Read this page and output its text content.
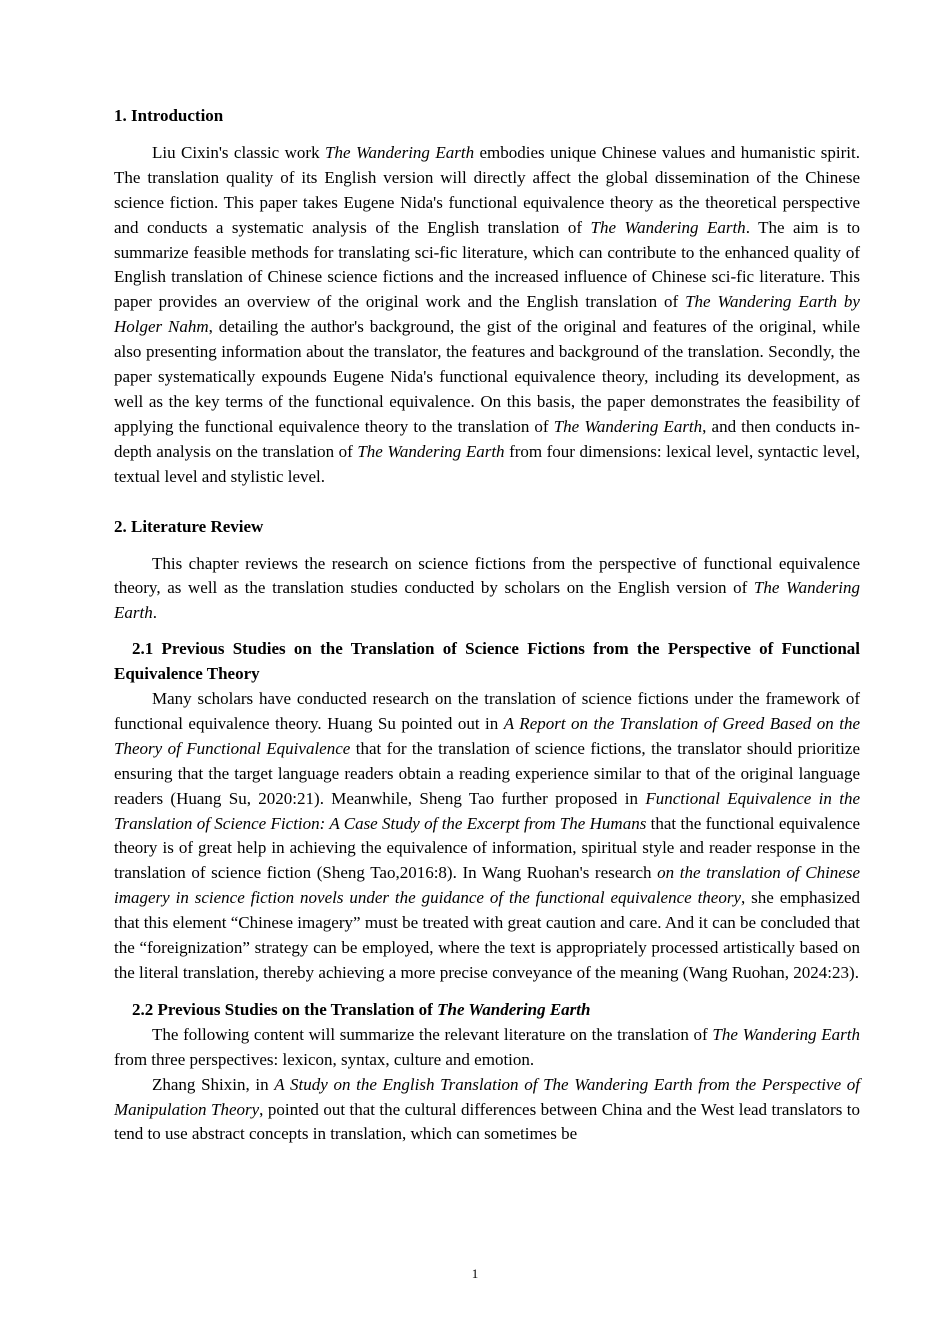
1. Introduction

Liu Cixin's classic work The Wandering Earth embodies unique Chinese values and humanistic spirit. The translation quality of its English version will directly affect the global dissemination of the Chinese science fiction. This paper takes Eugene Nida's functional equivalence theory as the theoretical perspective and conducts a systematic analysis of the English translation of The Wandering Earth. The aim is to summarize feasible methods for translating sci-fic literature, which can contribute to the enhanced quality of English translation of Chinese science fictions and the increased influence of Chinese sci-fic literature. This paper provides an overview of the original work and the English translation of The Wandering Earth by Holger Nahm, detailing the author's background, the gist of the original and features of the original, while also presenting information about the translator, the features and background of the translation. Secondly, the paper systematically expounds Eugene Nida's functional equivalence theory, including its development, as well as the key terms of the functional equivalence. On this basis, the paper demonstrates the feasibility of applying the functional equivalence theory to the translation of The Wandering Earth, and then conducts in-depth analysis on the translation of The Wandering Earth from four dimensions: lexical level, syntactic level, textual level and stylistic level.

2. Literature Review

This chapter reviews the research on science fictions from the perspective of functional equivalence theory, as well as the translation studies conducted by scholars on the English version of The Wandering Earth.

2.1 Previous Studies on the Translation of Science Fictions from the Perspective of Functional Equivalence Theory

Many scholars have conducted research on the translation of science fictions under the framework of functional equivalence theory. Huang Su pointed out in A Report on the Translation of Greed Based on the Theory of Functional Equivalence that for the translation of science fictions, the translator should prioritize ensuring that the target language readers obtain a reading experience similar to that of the original language readers (Huang Su, 2020:21). Meanwhile, Sheng Tao further proposed in Functional Equivalence in the Translation of Science Fiction: A Case Study of the Excerpt from The Humans that the functional equivalence theory is of great help in achieving the equivalence of information, spiritual style and reader response in the translation of science fiction (Sheng Tao,2016:8). In Wang Ruohan's research on the translation of Chinese imagery in science fiction novels under the guidance of the functional equivalence theory, she emphasized that this element “Chinese imagery” must be treated with great caution and care. And it can be concluded that the “foreignization” strategy can be employed, where the text is appropriately processed artistically based on the literal translation, thereby achieving a more precise conveyance of the meaning (Wang Ruohan, 2024:23).

2.2 Previous Studies on the Translation of The Wandering Earth

The following content will summarize the relevant literature on the translation of The Wandering Earth from three perspectives: lexicon, syntax, culture and emotion.

Zhang Shixin, in A Study on the English Translation of The Wandering Earth from the Perspective of Manipulation Theory, pointed out that the cultural differences between China and the West lead translators to tend to use abstract concepts in translation, which can sometimes be

1
